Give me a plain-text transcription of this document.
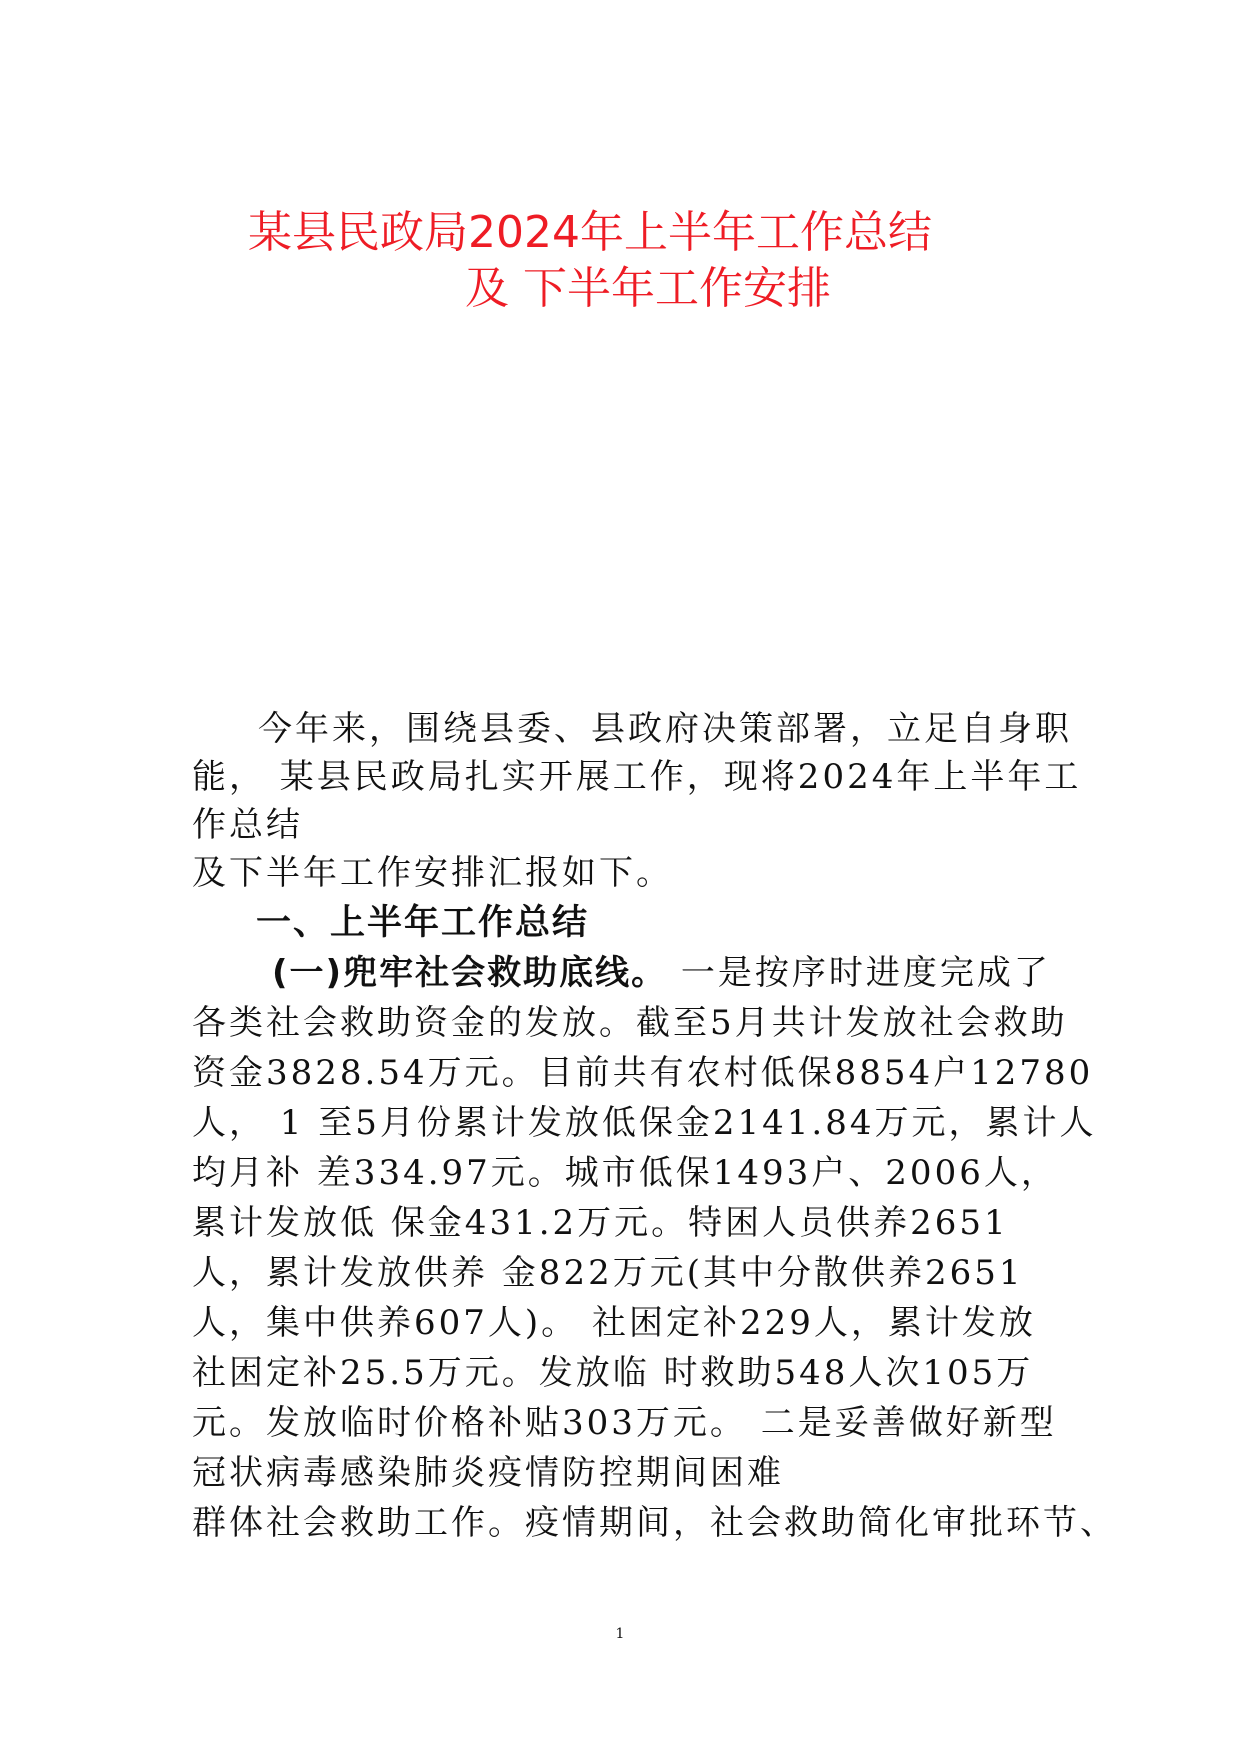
某县民政局2024年上半年工作总结
及 下半年工作安排

今年来，围绕县委、县政府决策部署，立足自身职

能， 某县民政局扎实开展工作，现将2024年上半年工

作总结

及下半年工作安排汇报如下。

一、上半年工作总结

(一)兜牢社会救助底线。 一是按序时进度完成了

各类社会救助资金的发放。截至5月共计发放社会救助

资金3828.54万元。目前共有农村低保8854户12780

人， 1 至5月份累计发放低保金2141.84万元，累计人

均月补 差334.97元。城市低保1493户、2006人，

累计发放低 保金431.2万元。特困人员供养2651

人，累计发放供养 金822万元(其中分散供养2651

人，集中供养607人)。 社困定补229人，累计发放

社困定补25.5万元。发放临 时救助548人次105万

元。发放临时价格补贴303万元。 二是妥善做好新型

冠状病毒感染肺炎疫情防控期间困难

群体社会救助工作。疫情期间，社会救助简化审批环节、

1
